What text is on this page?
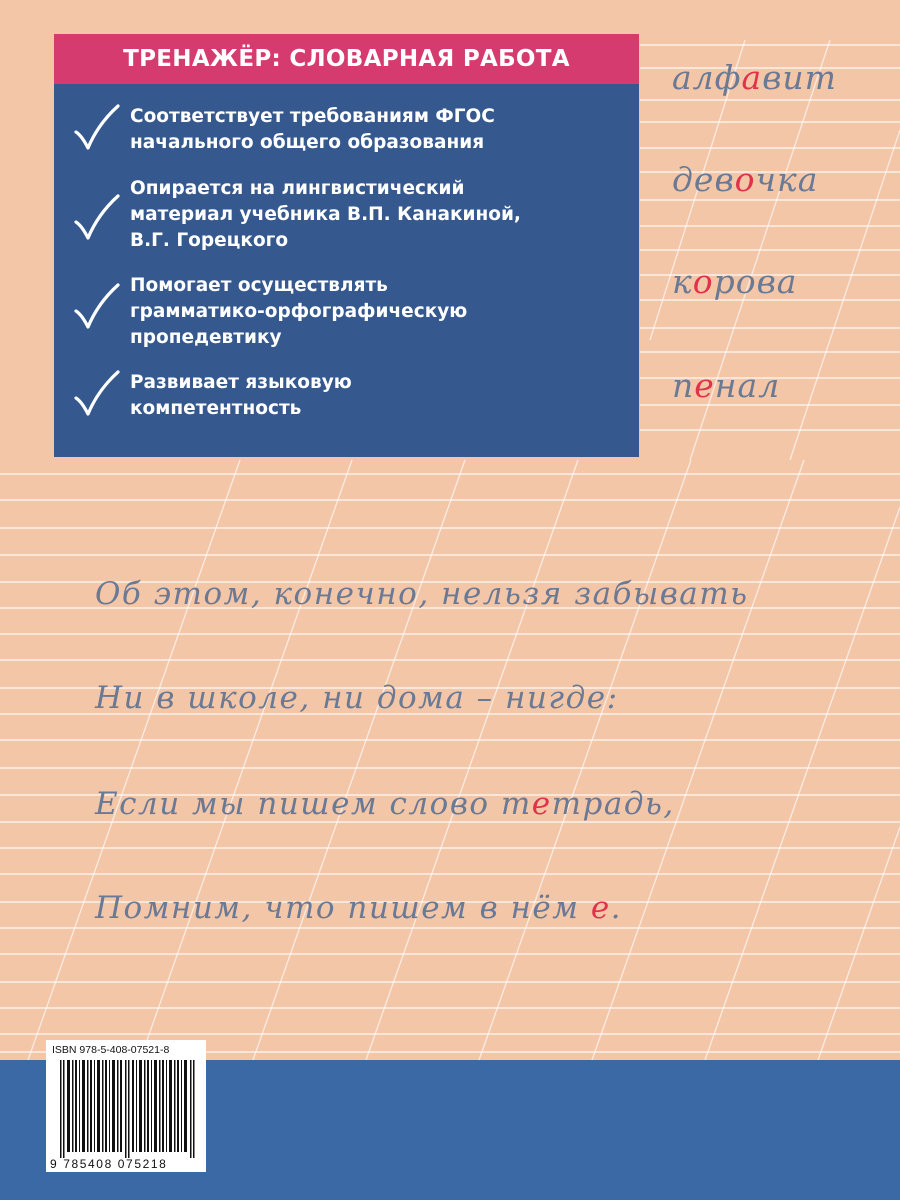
ТРЕНАЖЁР: СЛОВАРНАЯ РАБОТА
Соответствует требованиям ФГОС
начального общего образования
Опирается на лингвистический
материал учебника В.П. Канакиной,
В.Г. Горецкого
Помогает осуществлять
грамматико-орфографическую
пропедевтику
Развивает языковую
компетентность
алфавит
девочка
корова
пенал
Об этом, конечно, нельзя забывать
Ни в школе, ни дома – нигде:
Если мы пишем слово тетрадь,
Помним, что пишем в нём е.
ISBN 978-5-408-07521-8
9 785408 075218
